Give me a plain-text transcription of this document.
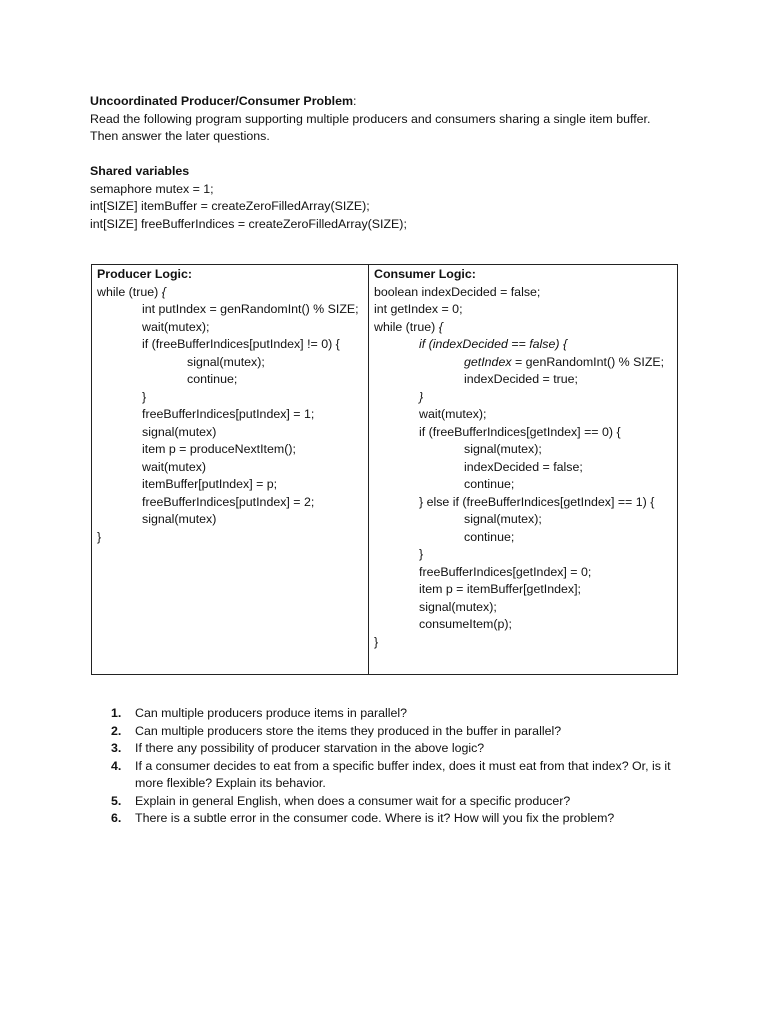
Uncoordinated Producer/Consumer Problem:
Read the following program supporting multiple producers and consumers sharing a single item buffer.
Then answer the later questions.
Shared variables
semaphore mutex = 1;
int[SIZE] itemBuffer = createZeroFilledArray(SIZE);
int[SIZE] freeBufferIndices = createZeroFilledArray(SIZE);
Producer Logic:
while (true) {
int putIndex = genRandomInt() % SIZE;
wait(mutex);
if (freeBufferIndices[putIndex] != 0) {
signal(mutex);
continue;
}
freeBufferIndices[putIndex] = 1;
signal(mutex)
item p = produceNextItem();
wait(mutex)
itemBuffer[putIndex] = p;
freeBufferIndices[putIndex] = 2;
signal(mutex)
}
Consumer Logic:
boolean indexDecided = false;
int getIndex = 0;
while (true) {
if (indexDecided == false) {
getIndex = genRandomInt() % SIZE;
indexDecided = true;
}
wait(mutex);
if (freeBufferIndices[getIndex] == 0) {
signal(mutex);
indexDecided = false;
continue;
} else if (freeBufferIndices[getIndex] == 1) {
signal(mutex);
continue;
}
freeBufferIndices[getIndex] = 0;
item p = itemBuffer[getIndex];
signal(mutex);
consumeItem(p);
}
1.	Can multiple producers produce items in parallel?
2.	Can multiple producers store the items they produced in the buffer in parallel?
3.	If there any possibility of producer starvation in the above logic?
4.	If a consumer decides to eat from a specific buffer index, does it must eat from that index? Or, is it more flexible? Explain its behavior.
5.	Explain in general English, when does a consumer wait for a specific producer?
6.	There is a subtle error in the consumer code. Where is it? How will you fix the problem?
